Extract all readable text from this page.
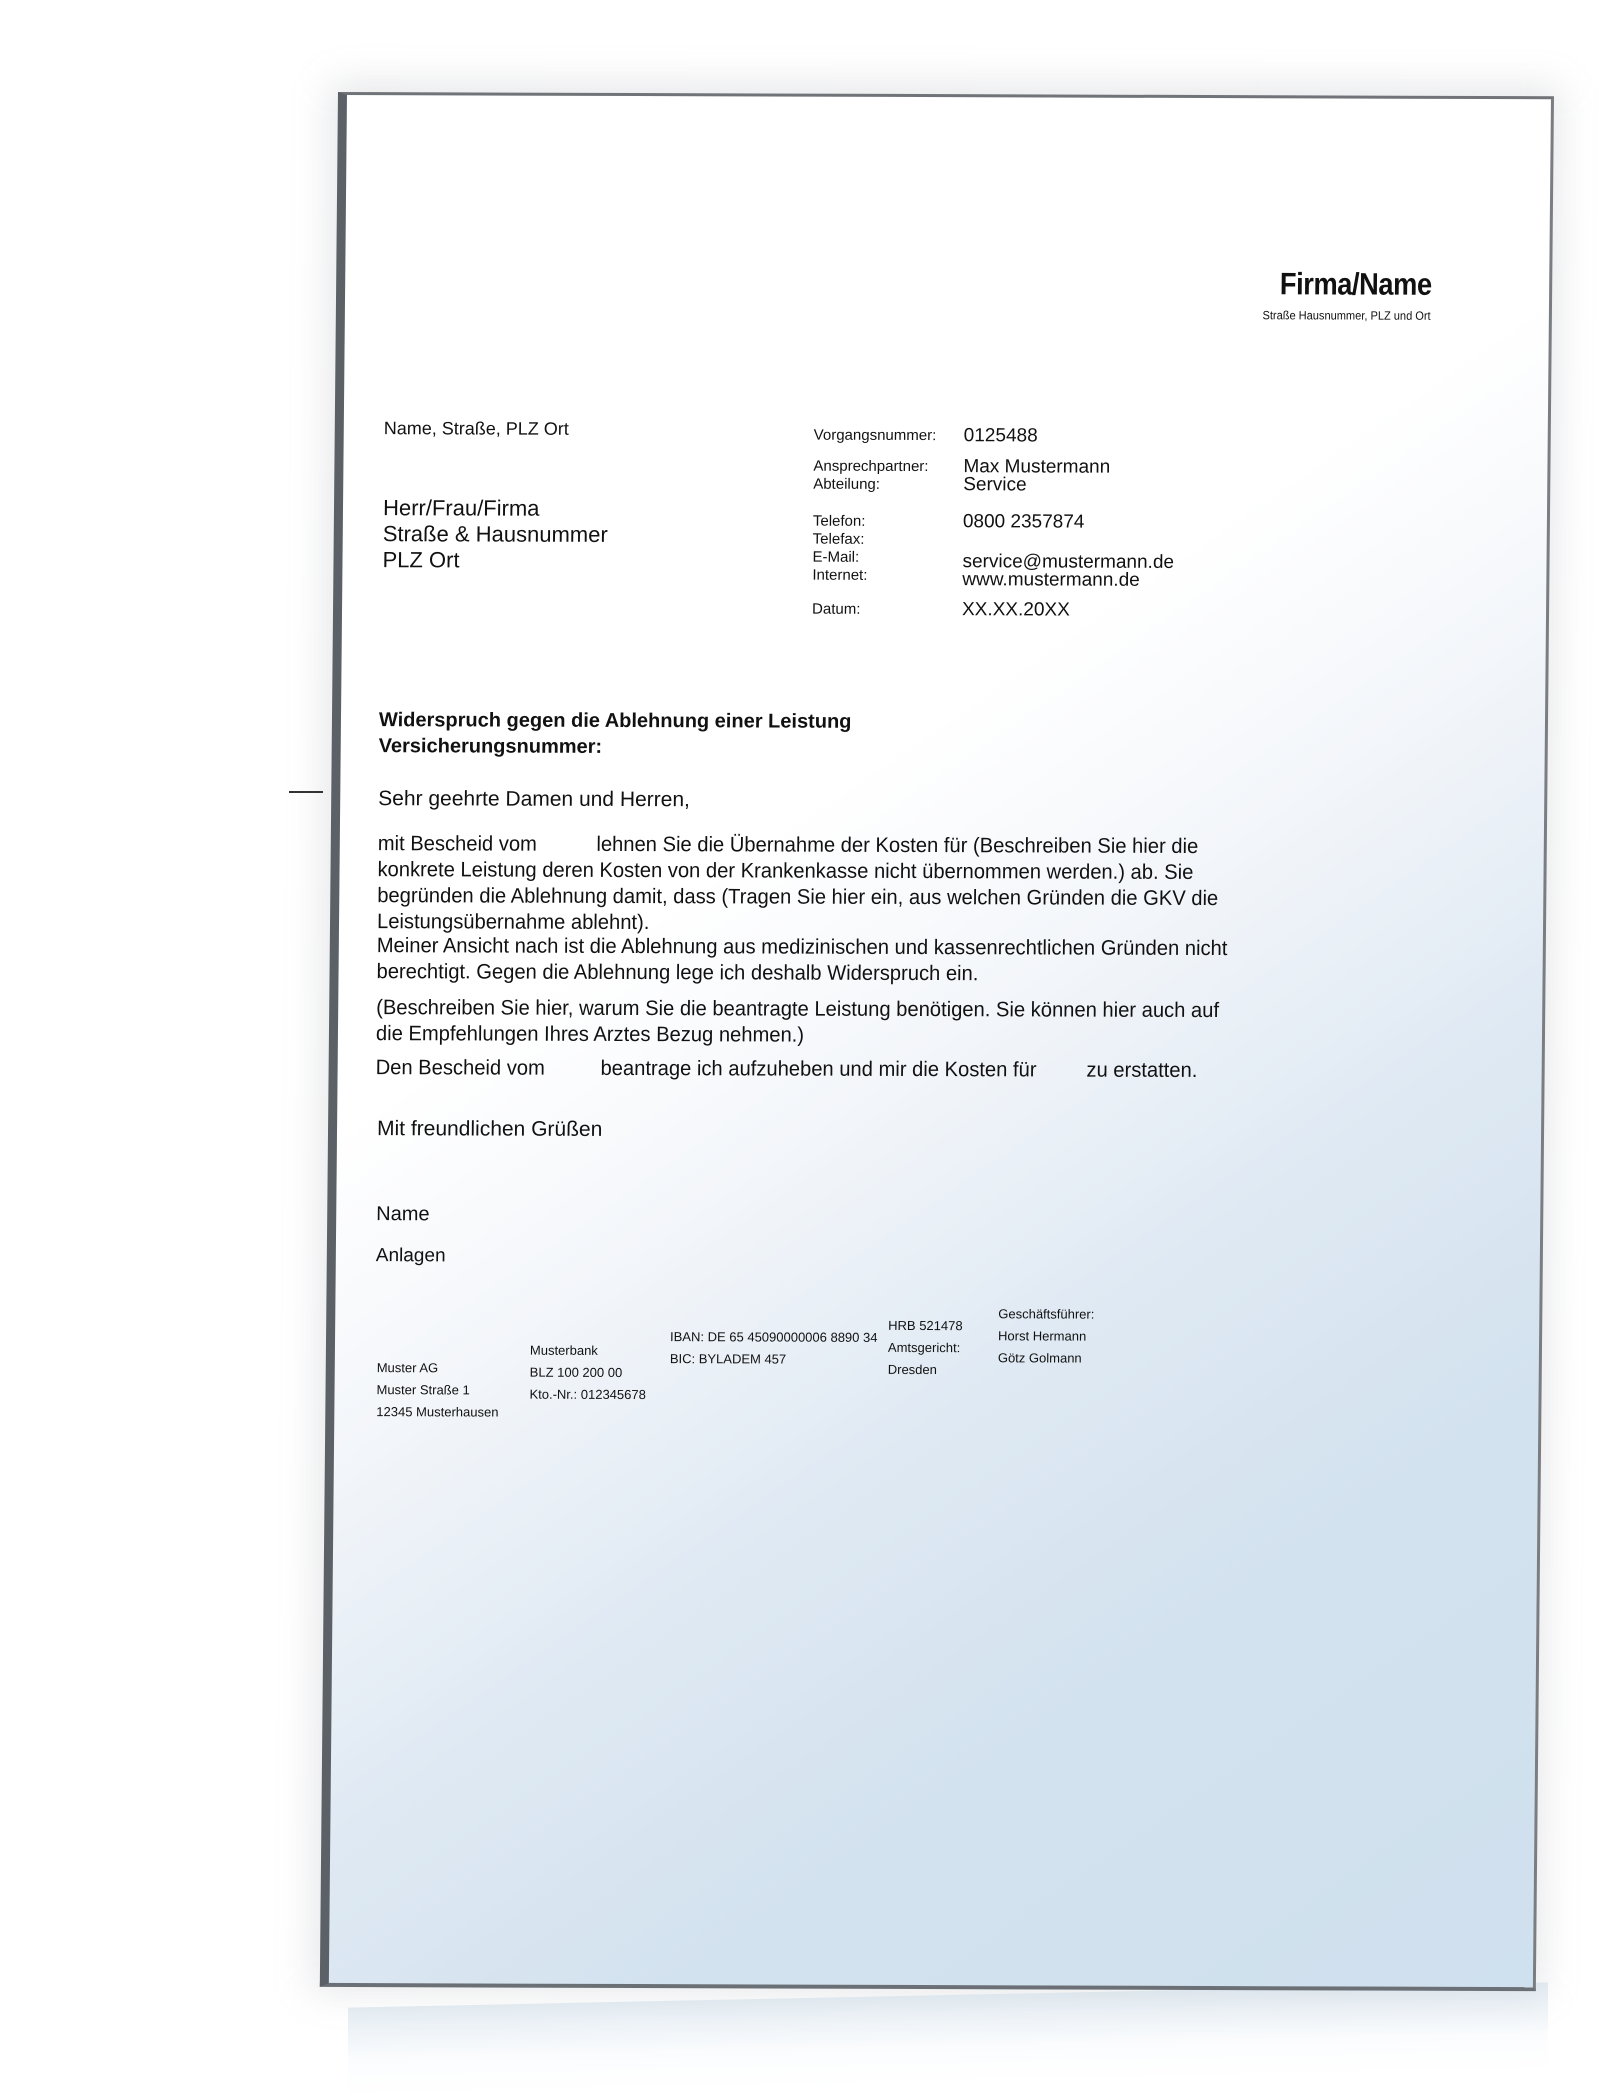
Firma/Name
Straße Hausnummer, PLZ und Ort
Name, Straße, PLZ Ort
Herr/Frau/Firma
Straße & Hausnummer
PLZ Ort
Vorgangsnummer: 0125488
Ansprechpartner: Max Mustermann
Abteilung:	Service
Telefon:	0800 2357874
Telefax:
E-Mail:	service@mustermann.de
Internet:	www.mustermann.de
Datum:	XX.XX.20XX
Widerspruch gegen die Ablehnung einer Leistung
Versicherungsnummer:
Sehr geehrte Damen und Herren,
mit Bescheid vom	lehnen Sie die Übernahme der Kosten für (Beschreiben Sie hier die
konkrete Leistung deren Kosten von der Krankenkasse nicht übernommen werden.) ab. Sie
begründen die Ablehnung damit, dass (Tragen Sie hier ein, aus welchen Gründen die GKV die
Leistungsübernahme ablehnt).
Meiner Ansicht nach ist die Ablehnung aus medizinischen und kassenrechtlichen Gründen nicht
berechtigt. Gegen die Ablehnung lege ich deshalb Widerspruch ein.
(Beschreiben Sie hier, warum Sie die beantragte Leistung benötigen. Sie können hier auch auf
die Empfehlungen Ihres Arztes Bezug nehmen.)
Den Bescheid vom	beantrage ich aufzuheben und mir die Kosten für zu erstatten.
Mit freundlichen Grüßen
Name
Anlagen
Muster AG
Muster Straße 1
12345 Musterhausen
Musterbank
BLZ 100 200 00
Kto.-Nr.: 012345678
IBAN: DE 65 45090000006 8890 34
BIC: BYLADEM 457
HRB 521478
Amtsgericht:
Dresden
Geschäftsführer:
Horst Hermann
Götz Golmann
